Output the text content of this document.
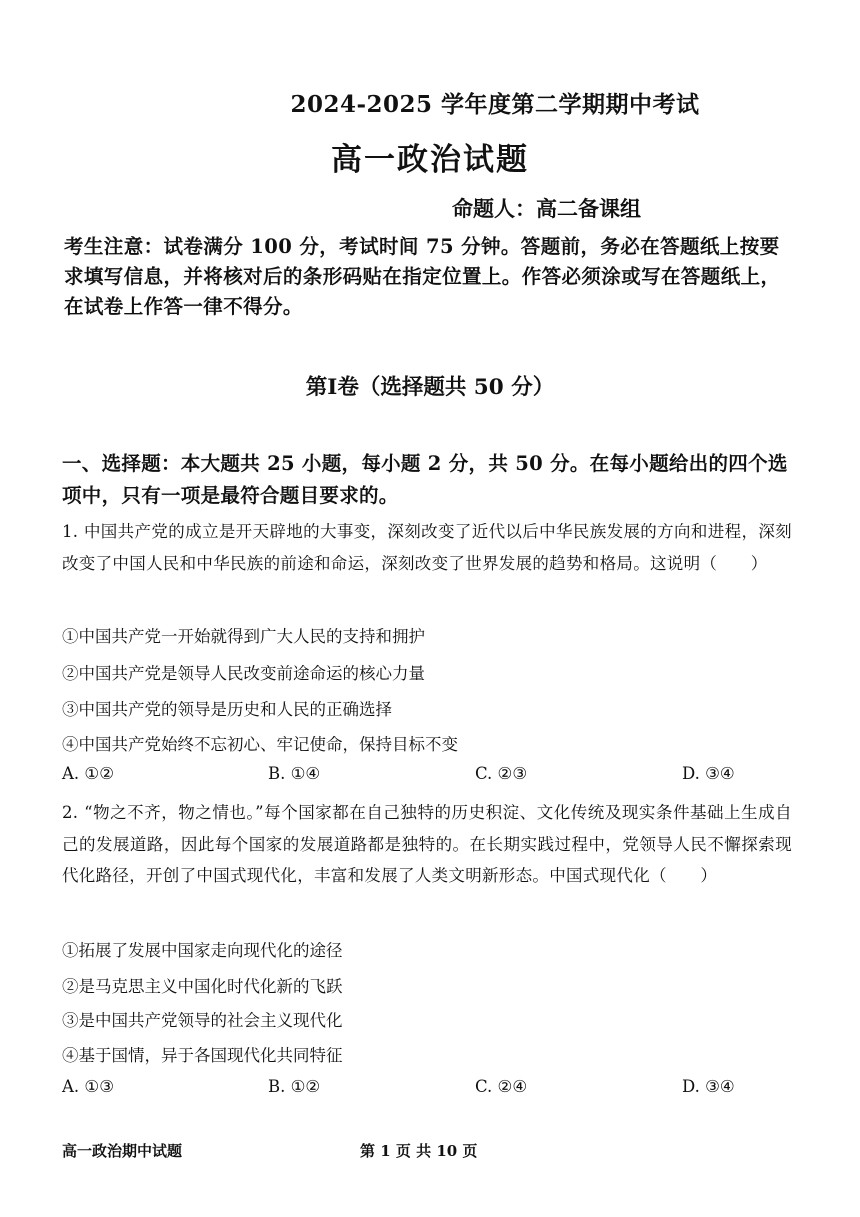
2024-2025 学年度第二学期期中考试
高一政治试题
命题人：高二备课组
考生注意：试卷满分 100 分，考试时间 75 分钟。答题前，务必在答题纸上按要求填写信息，并将核对后的条形码贴在指定位置上。作答必须涂或写在答题纸上，在试卷上作答一律不得分。
第Ⅰ卷（选择题共 50 分）
一、选择题：本大题共 25 小题，每小题 2 分，共 50 分。在每小题给出的四个选项中，只有一项是最符合题目要求的。
1. 中国共产党的成立是开天辟地的大事变，深刻改变了近代以后中华民族发展的方向和进程，深刻改变了中国人民和中华民族的前途和命运，深刻改变了世界发展的趋势和格局。这说明（　　）
①中国共产党一开始就得到广大人民的支持和拥护
②中国共产党是领导人民改变前途命运的核心力量
③中国共产党的领导是历史和人民的正确选择
④中国共产党始终不忘初心、牢记使命，保持目标不变
A. ①②	B. ①④	C. ②③	D. ③④
2. “物之不齐，物之情也。”每个国家都在自己独特的历史积淀、文化传统及现实条件基础上生成自己的发展道路，因此每个国家的发展道路都是独特的。在长期实践过程中，党领导人民不懈探索现代化路径，开创了中国式现代化，丰富和发展了人类文明新形态。中国式现代化（　　）
①拓展了发展中国家走向现代化的途径
②是马克思主义中国化时代化新的飞跃
③是中国共产党领导的社会主义现代化
④基于国情，异于各国现代化共同特征
A. ①③	B. ①②	C. ②④	D. ③④
高一政治期中试题	第 1 页 共 10 页
